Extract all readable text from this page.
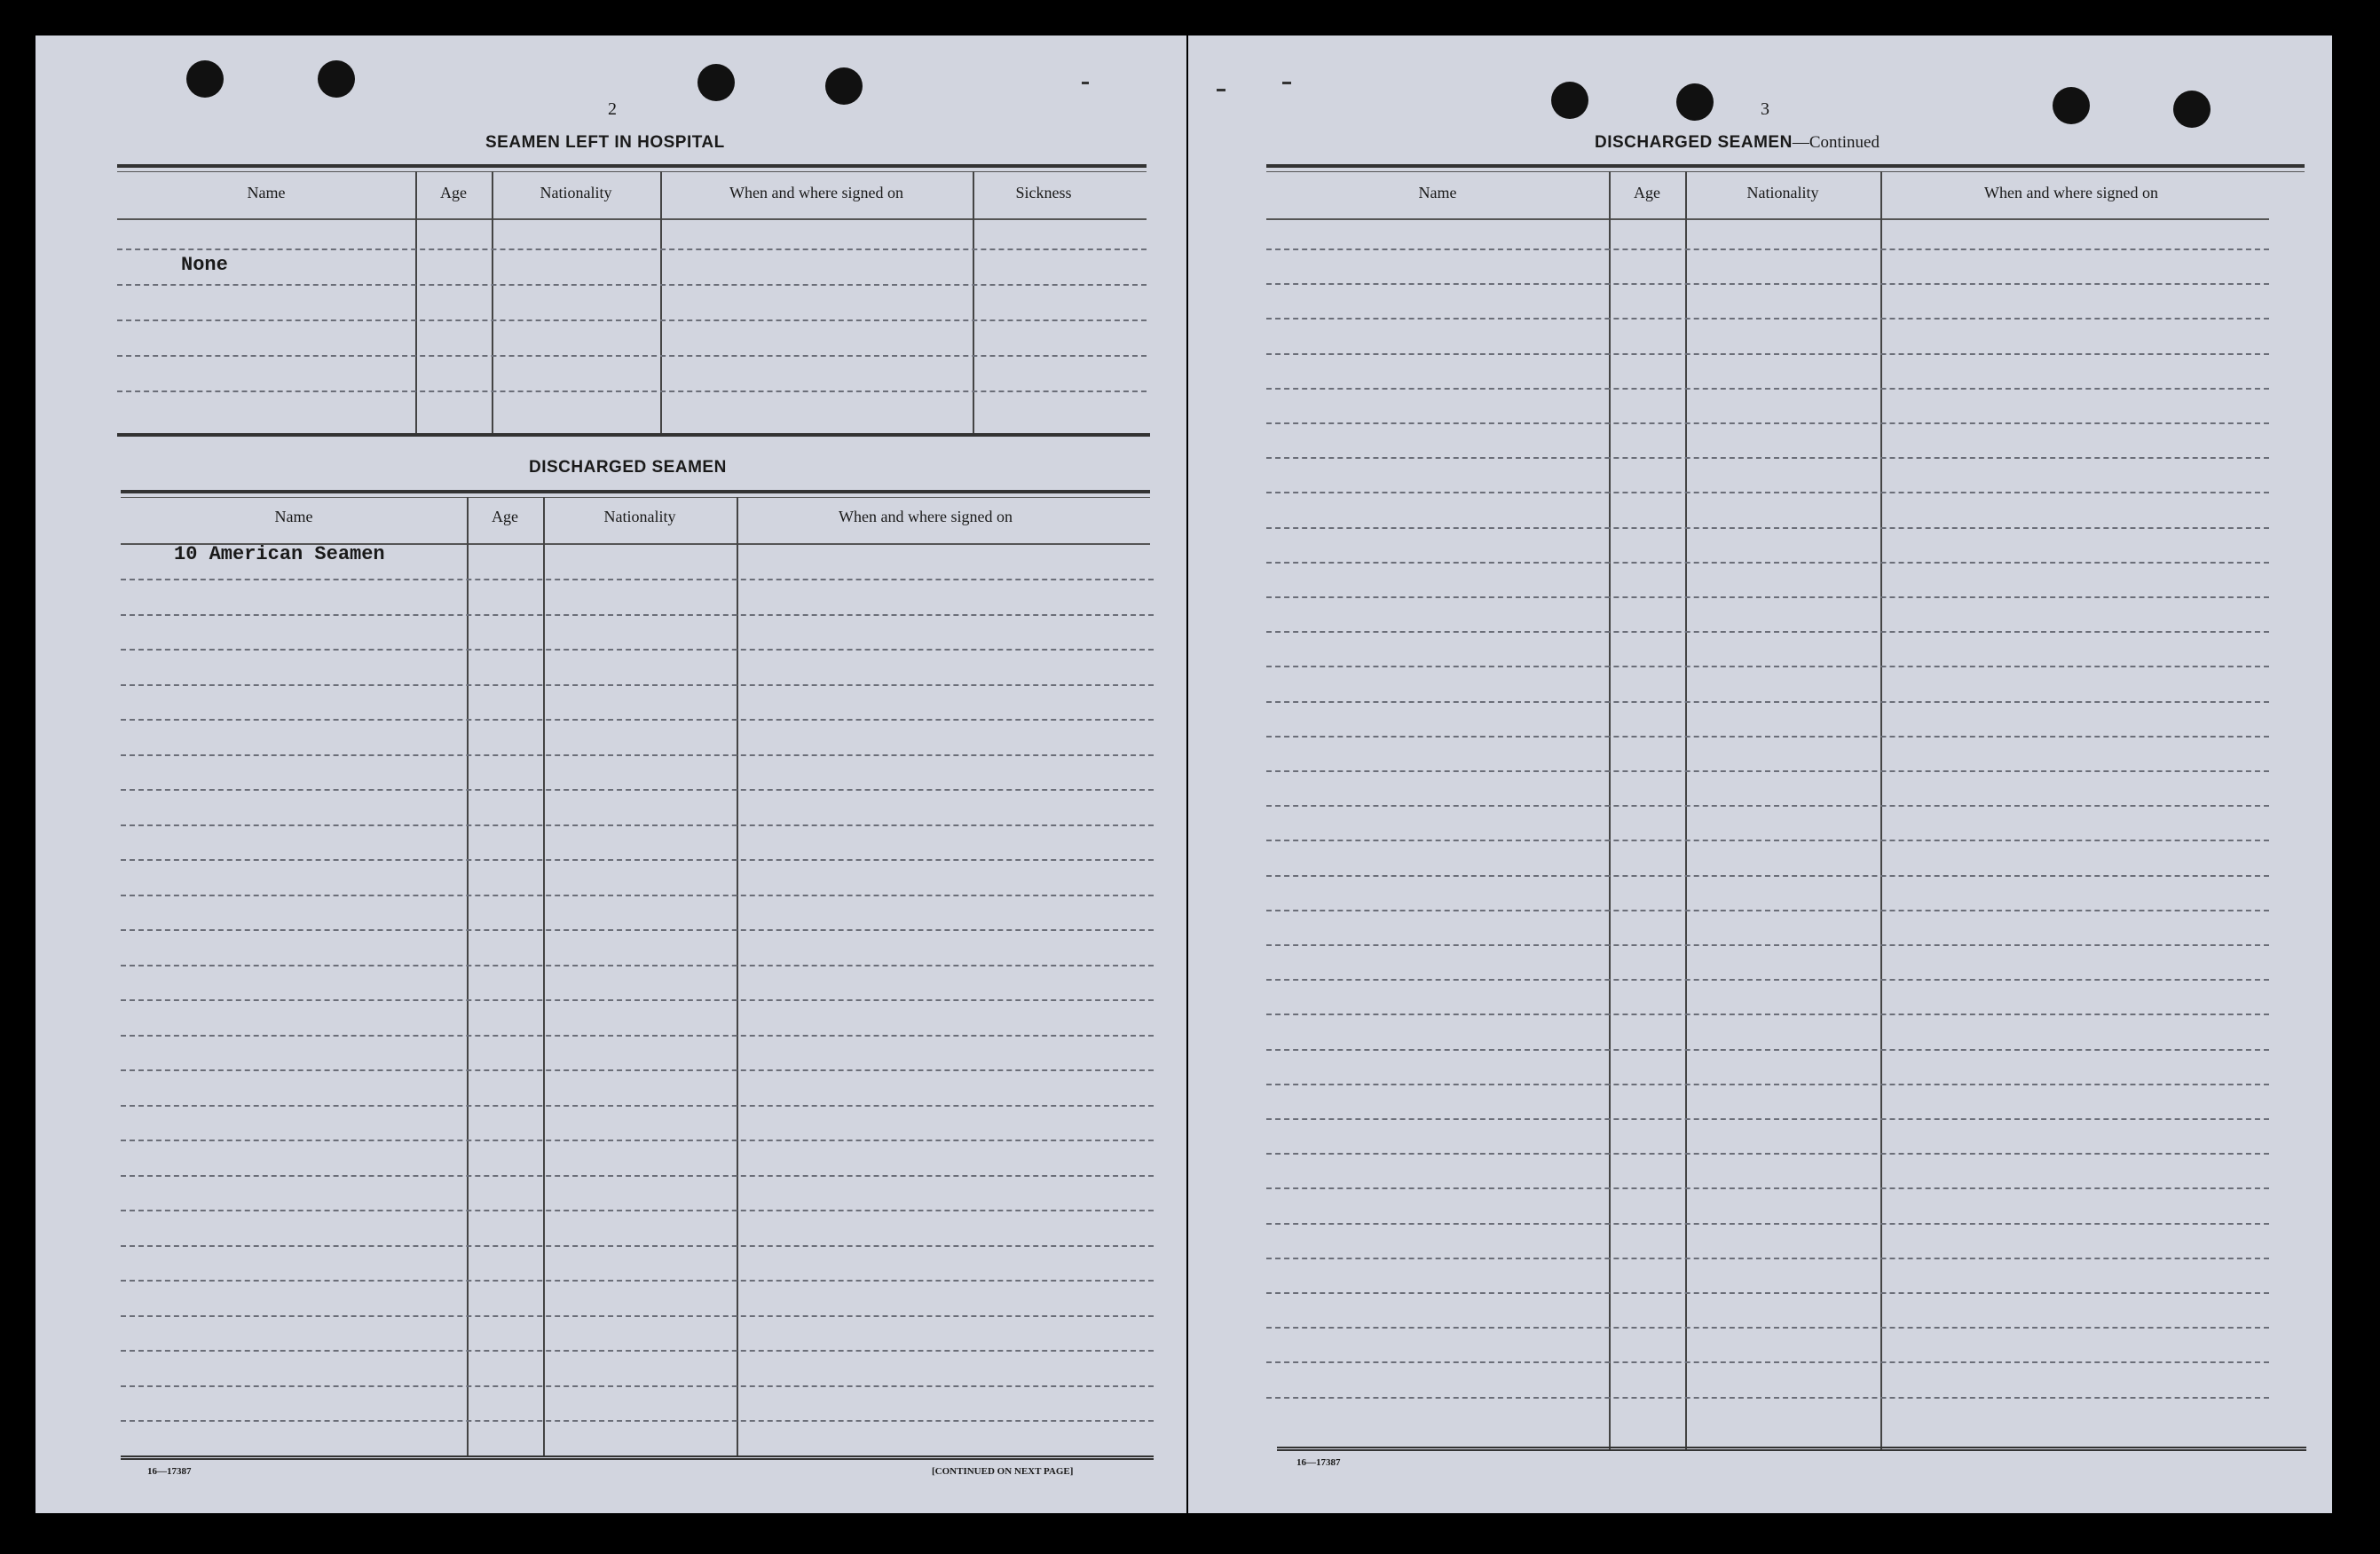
2
SEAMEN LEFT IN HOSPITAL
Name	Age	Nationality	When and where signed on	Sickness
None
DISCHARGED SEAMEN
Name	Age	Nationality	When and where signed on
10 American Seamen
16—17387	[CONTINUED ON NEXT PAGE]
3
DISCHARGED SEAMEN—Continued
Name	Age	Nationality	When and where signed on
16—17387
